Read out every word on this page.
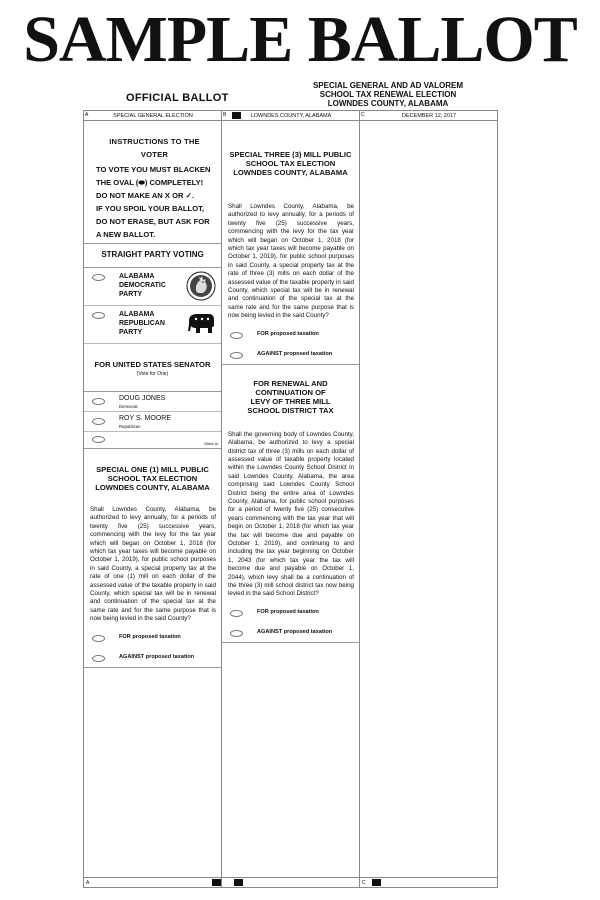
SAMPLE BALLOT
OFFICIAL BALLOT
SPECIAL GENERAL AND AD VALOREM
SCHOOL TAX RENEWAL ELECTION
LOWNDES COUNTY, ALABAMA
A	SPECIAL GENERAL ELECTION	B	LOWNDES COUNTY, ALABAMA	C	DECEMBER 12, 2017
INSTRUCTIONS TO THE VOTER
TO VOTE YOU MUST BLACKEN
THE OVAL (⬬) COMPLETELY!
DO NOT MAKE AN X OR ✓.
IF YOU SPOIL YOUR BALLOT,
DO NOT ERASE, BUT ASK FOR
A NEW BALLOT.
STRAIGHT PARTY VOTING
ALABAMA
DEMOCRATIC
PARTY
ALABAMA
REPUBLICAN
PARTY
FOR UNITED STATES SENATOR
(Vote for One)
DOUG JONES
Democrat
ROY S. MOORE
Republican
Write-in
SPECIAL ONE (1) MILL PUBLIC
SCHOOL TAX ELECTION
LOWNDES COUNTY, ALABAMA
Shall Lowndes County, Alabama, be authorized to levy annually, for a periods of twenty five (25) successive years, commencing with the levy for the tax year which will began on October 1, 2018 (for which tax year taxes will become payable on October 1, 2019), for public school purposes in said County, a special property tax at the rate of one (1) mill on each dollar of the assessed value of the taxable property in said County, which special tax will be in renewal and continuation of the special tax at the same rate and for the same purpose that is now being levied in the said County?
FOR proposed taxation
AGAINST proposed taxation
SPECIAL THREE (3) MILL PUBLIC
SCHOOL TAX ELECTION
LOWNDES COUNTY, ALABAMA
Shall Lowndes County, Alabama, be authorized to levy annually, for a periods of twenty five (25) successive years, commencing with the levy for the tax year which will began on October 1, 2018 (for which tax year taxes will become payable on October 1, 2019), for public school purposes in said County, a special property tax at the rate of three (3) mills on each dollar of the assessed value of the taxable property in said County, which special tax will be in renewal and continuation of the special tax at the same rate and for the same purpose that is now being levied in the said County?
FOR proposed taxation
AGAINST proposed taxation
FOR RENEWAL AND
CONTINUATION OF
LEVY OF THREE MILL
SCHOOL DISTRICT TAX
Shall the governing body of Lowndes County, Alabama, be authorized to levy a special district tax of three (3) mills on each dollar of assessed value of taxable property located within the Lowndes County School District in said Lowndes County, Alabama, the area comprising said Lowndes County School District being the entire area of Lowndes County, Alabama, for public school purposes for a period of twenty five (25) consecutive years commencing with the tax year that will begin on October 1, 2018 (for which tax year the tax will become due and payable on October 1, 2019), and continuing to and including the tax year beginning on October 1, 2043 (for which tax year the tax will become due and payable on October 1, 2044), which levy shall be a continuation of the three (3) mill school district tax now being levied in the said School District?
FOR proposed taxation
AGAINST proposed taxation
A	C
